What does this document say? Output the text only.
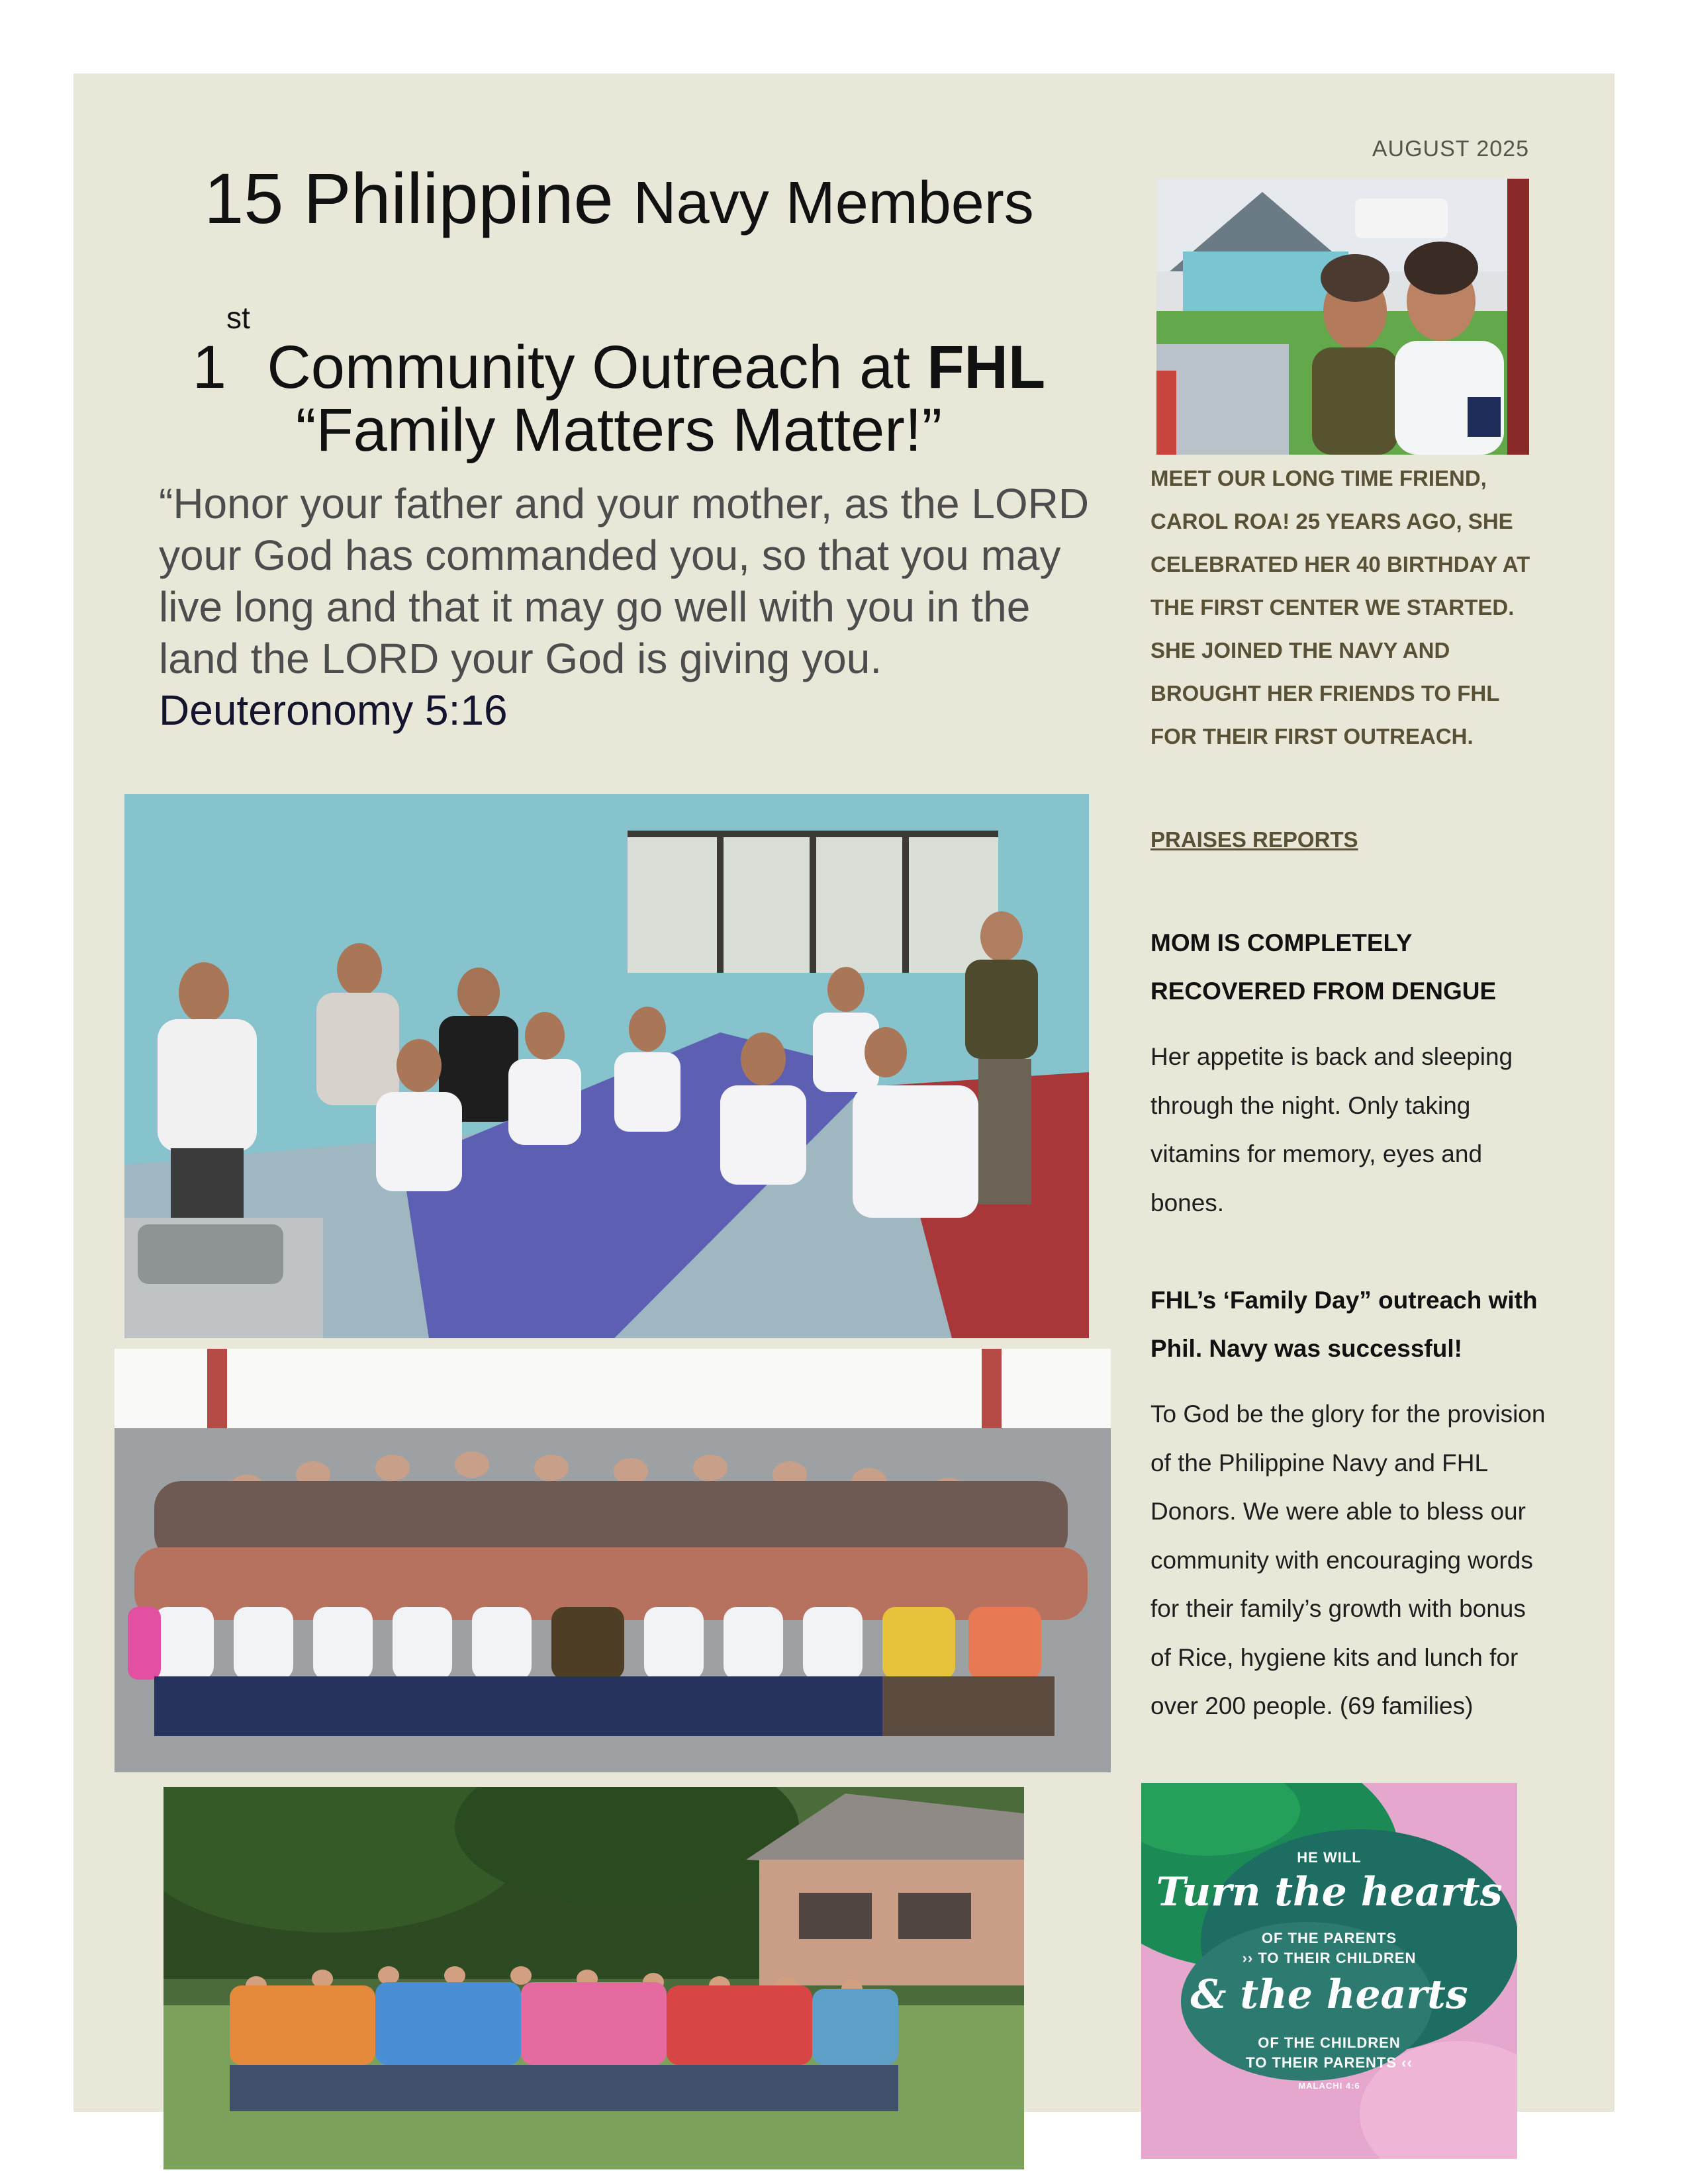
AUGUST 2025
15 Philippine Navy Members
1st Community Outreach at FHL
“Family Matters Matter!”
“Honor your father and your mother, as the LORD your God has commanded you, so that you may live long and that it may go well with you in the land the LORD your God is giving you. Deuteronomy 5:16
MEET OUR LONG TIME FRIEND, CAROL ROA! 25 YEARS AGO, SHE CELEBRATED HER 40 BIRTHDAY AT THE FIRST CENTER WE STARTED. SHE JOINED THE NAVY AND BROUGHT HER FRIENDS TO FHL FOR THEIR FIRST OUTREACH.
PRAISES REPORTS
MOM IS COMPLETELY RECOVERED FROM DENGUE
Her appetite is back and sleeping through the night. Only taking vitamins for memory, eyes and bones.
FHL’s ‘Family Day” outreach with Phil. Navy was successful!
To God be the glory for the provision of the Philippine Navy and FHL Donors. We were able to bless our community with encouraging words for their family’s growth with bonus of Rice, hygiene kits and lunch for over 200 people. (69 families)
HE WILL
Turn the hearts
OF THE PARENTS
›› TO THEIR CHILDREN
& the hearts
OF THE CHILDREN
TO THEIR PARENTS ‹‹
MALACHI 4:6
